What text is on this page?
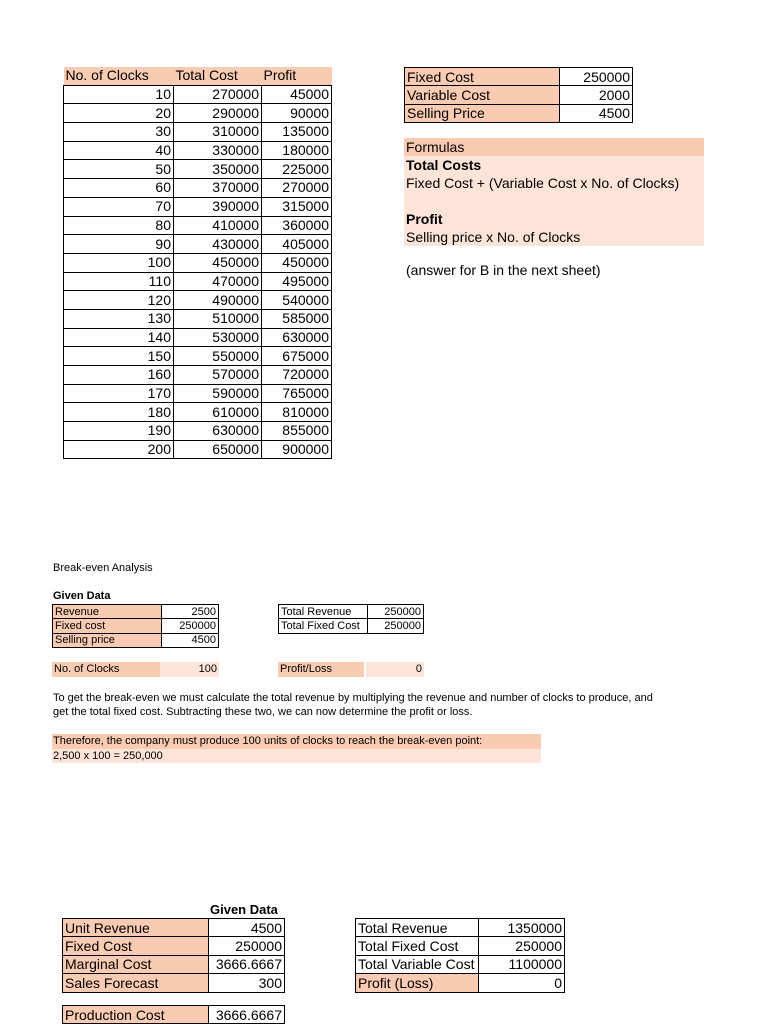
No. of Clocks	Total Cost	Profit
10	270000	45000
20	290000	90000
30	310000	135000
40	330000	180000
50	350000	225000
60	370000	270000
70	390000	315000
80	410000	360000
90	430000	405000
100	450000	450000
110	470000	495000
120	490000	540000
130	510000	585000
140	530000	630000
150	550000	675000
160	570000	720000
170	590000	765000
180	610000	810000
190	630000	855000
200	650000	900000
Fixed Cost	250000
Variable Cost	2000
Selling Price	4500
Formulas
Total Costs
Fixed Cost + (Variable Cost x No. of Clocks)
Profit
Selling price x No. of Clocks
(answer for B in the next sheet)
Break-even Analysis
Given Data
Revenue	2500
Fixed cost	250000
Selling price	4500
Total Revenue	250000
Total Fixed Cost	250000
No. of Clocks	100	Profit/Loss	0
To get the break-even we must calculate the total revenue by multiplying the revenue and number of clocks to produce, and
get the total fixed cost. Subtracting these two, we can now determine the profit or loss.
Therefore, the company must produce 100 units of clocks to reach the break-even point:
2,500 x 100 = 250,000
Given Data
Unit Revenue	4500
Fixed Cost	250000
Marginal Cost	3666.6667
Sales Forecast	300
Total Revenue	1350000
Total Fixed Cost	250000
Total Variable Cost	1100000
Profit (Loss)	0
Production Cost	3666.6667
